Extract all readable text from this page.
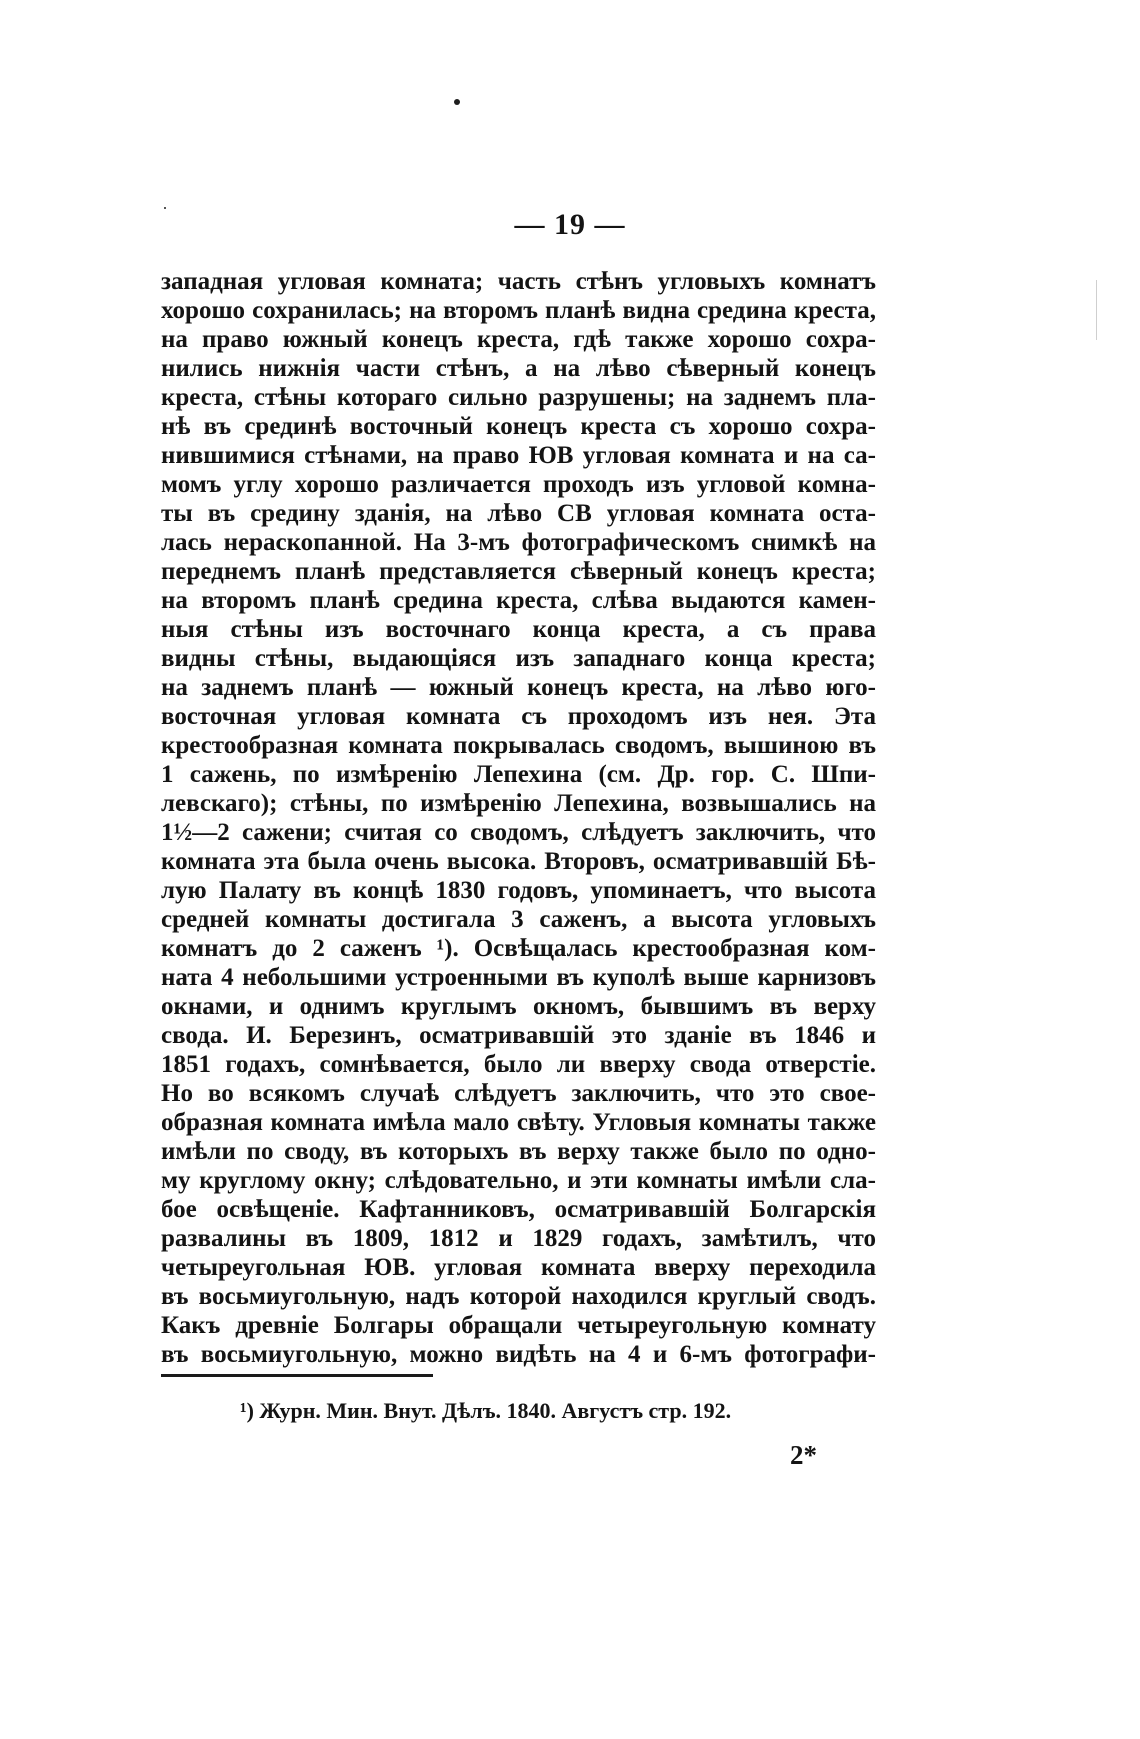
— 19 —
западная угловая комната; часть стѣнъ угловыхъ комнатъ
хорошо сохранилась; на второмъ планѣ видна средина креста,
на право южный конецъ креста, гдѣ также хорошо сохра-
нились нижнія части стѣнъ, а на лѣво сѣверный конецъ
креста, стѣны котораго сильно разрушены; на заднемъ пла-
нѣ въ срединѣ восточный конецъ креста съ хорошо сохра-
нившимися стѣнами, на право ЮВ угловая комната и на са-
момъ углу хорошо различается проходъ изъ угловой комна-
ты въ средину зданія, на лѣво СВ угловая комната оста-
лась нераскопанной. На 3-мъ фотографическомъ снимкѣ на
переднемъ планѣ представляется сѣверный конецъ креста;
на второмъ планѣ средина креста, слѣва выдаются камен-
ныя стѣны изъ восточнаго конца креста, а съ права
видны стѣны, выдающіяся изъ западнаго конца креста;
на заднемъ планѣ — южный конецъ креста, на лѣво юго-
восточная угловая комната съ проходомъ изъ нея. Эта
крестообразная комната покрывалась сводомъ, вышиною въ
1 сажень, по измѣренію Лепехина (см. Др. гор. С. Шпи-
левскаго); стѣны, по измѣренію Лепехина, возвышались на
1½—2 сажени; считая со сводомъ, слѣдуетъ заключить, что
комната эта была очень высока. Второвъ, осматривавшій Бѣ-
лую Палату въ концѣ 1830 годовъ, упоминаетъ, что высота
средней комнаты достигала 3 саженъ, а высота угловыхъ
комнатъ до 2 саженъ ¹). Освѣщалась крестообразная ком-
ната 4 небольшими устроенными въ куполѣ выше карнизовъ
окнами, и однимъ круглымъ окномъ, бывшимъ въ верху
свода. И. Березинъ, осматривавшій это зданіе въ 1846 и
1851 годахъ, сомнѣвается, было ли вверху свода отверстіе.
Но во всякомъ случаѣ слѣдуетъ заключить, что это свое-
образная комната имѣла мало свѣту. Угловыя комнаты также
имѣли по своду, въ которыхъ въ верху также было по одно-
му круглому окну; слѣдовательно, и эти комнаты имѣли сла-
бое освѣщеніе. Кафтанниковъ, осматривавшій Болгарскія
развалины въ 1809, 1812 и 1829 годахъ, замѣтилъ, что
четыреугольная ЮВ. угловая комната вверху переходила
въ восьмиугольную, надъ которой находился круглый сводъ.
Какъ древніе Болгары обращали четыреугольную комнату
въ восьмиугольную, можно видѣть на 4 и 6-мъ фотографи-
¹) Журн. Мин. Внут. Дѣлъ. 1840. Августъ стр. 192.
2*
